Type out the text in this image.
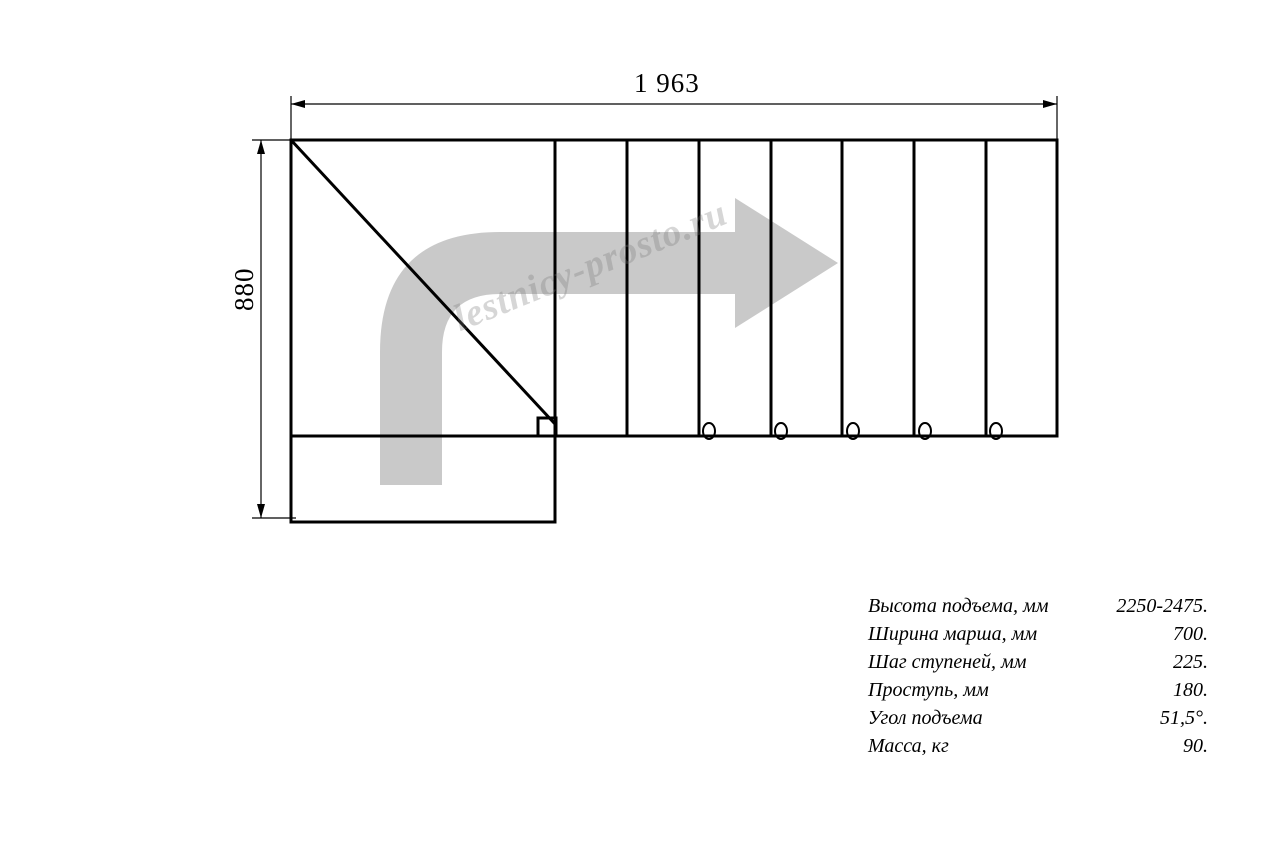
1 963
880	lestnicy-prosto.ru
Высота подъема, мм	2250-2475.
Ширина марша, мм	700.
Шаг ступеней, мм	225.
Проступь, мм	180.
Угол подъема	51,5°.
Масса, кг	90.
